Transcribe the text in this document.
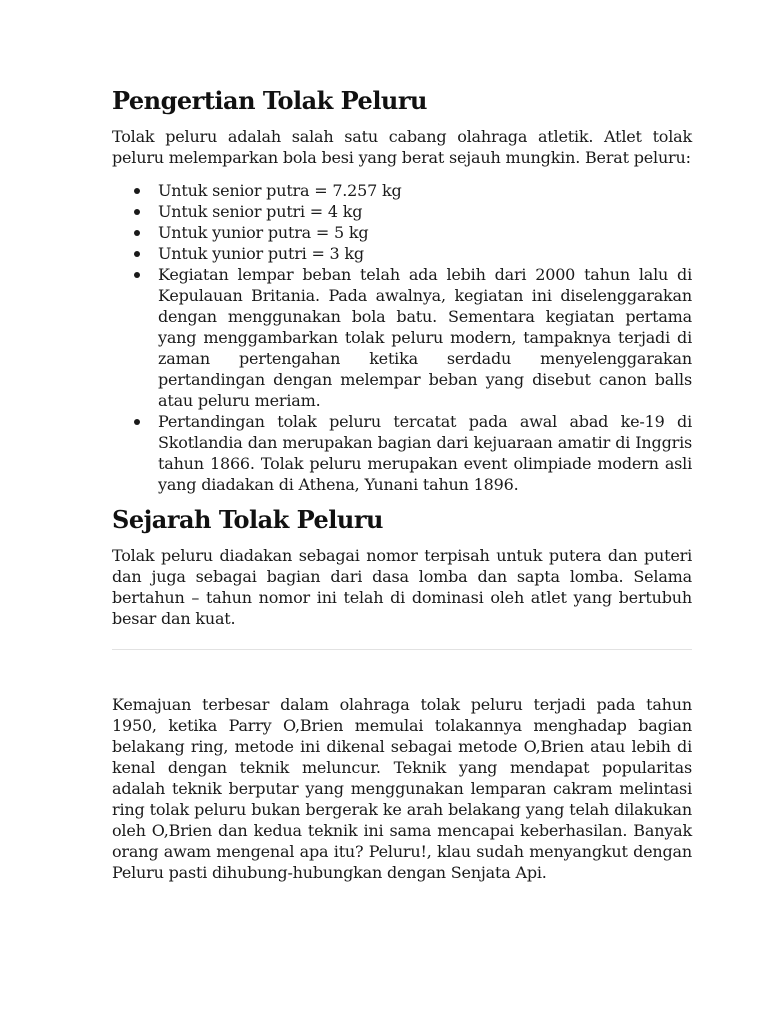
Pengertian Tolak Peluru

Tolak peluru adalah salah satu cabang olahraga atletik. Atlet tolak peluru melemparkan bola besi yang berat sejauh mungkin. Berat peluru:

Untuk senior putra = 7.257 kg
Untuk senior putri = 4 kg
Untuk yunior putra = 5 kg
Untuk yunior putri = 3 kg
Kegiatan lempar beban telah ada lebih dari 2000 tahun lalu di Kepulauan Britania. Pada awalnya, kegiatan ini diselenggarakan dengan menggunakan bola batu. Sementara kegiatan pertama yang menggambarkan tolak peluru modern, tampaknya terjadi di zaman pertengahan ketika serdadu menyelenggarakan pertandingan dengan melempar beban yang disebut canon balls atau peluru meriam.
Pertandingan tolak peluru tercatat pada awal abad ke-19 di Skotlandia dan merupakan bagian dari kejuaraan amatir di Inggris tahun 1866. Tolak peluru merupakan event olimpiade modern asli yang diadakan di Athena, Yunani tahun 1896.
Sejarah Tolak Peluru

Tolak peluru diadakan sebagai nomor terpisah untuk putera dan puteri dan juga sebagai bagian dari dasa lomba dan sapta lomba. Selama bertahun – tahun nomor ini telah di dominasi oleh atlet yang bertubuh besar dan kuat.

Kemajuan terbesar dalam olahraga tolak peluru terjadi pada tahun 1950, ketika Parry O,Brien memulai tolakannya menghadap bagian belakang ring, metode ini dikenal sebagai metode O,Brien atau lebih di kenal dengan teknik meluncur. Teknik yang mendapat popularitas adalah teknik berputar yang menggunakan lemparan cakram melintasi ring tolak peluru bukan bergerak ke arah belakang yang telah dilakukan oleh O,Brien dan kedua teknik ini sama mencapai keberhasilan. Banyak orang awam mengenal apa itu? Peluru!, klau sudah menyangkut dengan Peluru pasti dihubung-hubungkan dengan Senjata Api.
